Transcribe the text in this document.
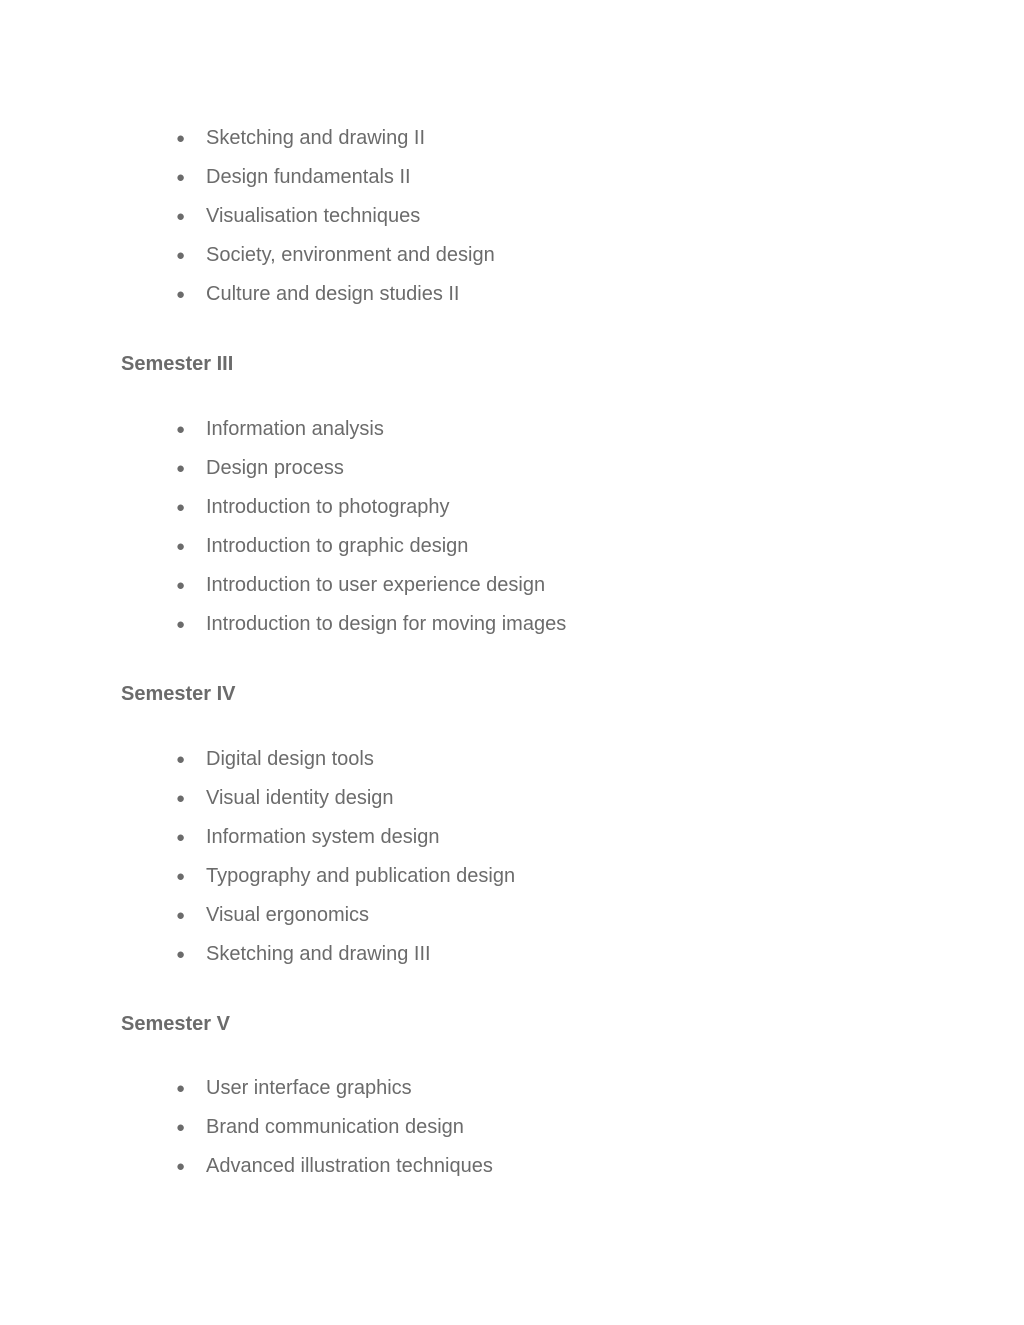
● Sketching and drawing II
● Design fundamentals II
● Visualisation techniques
● Society, environment and design
● Culture and design studies II
Semester III
● Information analysis
● Design process
● Introduction to photography
● Introduction to graphic design
● Introduction to user experience design
● Introduction to design for moving images
Semester IV
● Digital design tools
● Visual identity design
● Information system design
● Typography and publication design
● Visual ergonomics
● Sketching and drawing III
Semester V
● User interface graphics
● Brand communication design
● Advanced illustration techniques
